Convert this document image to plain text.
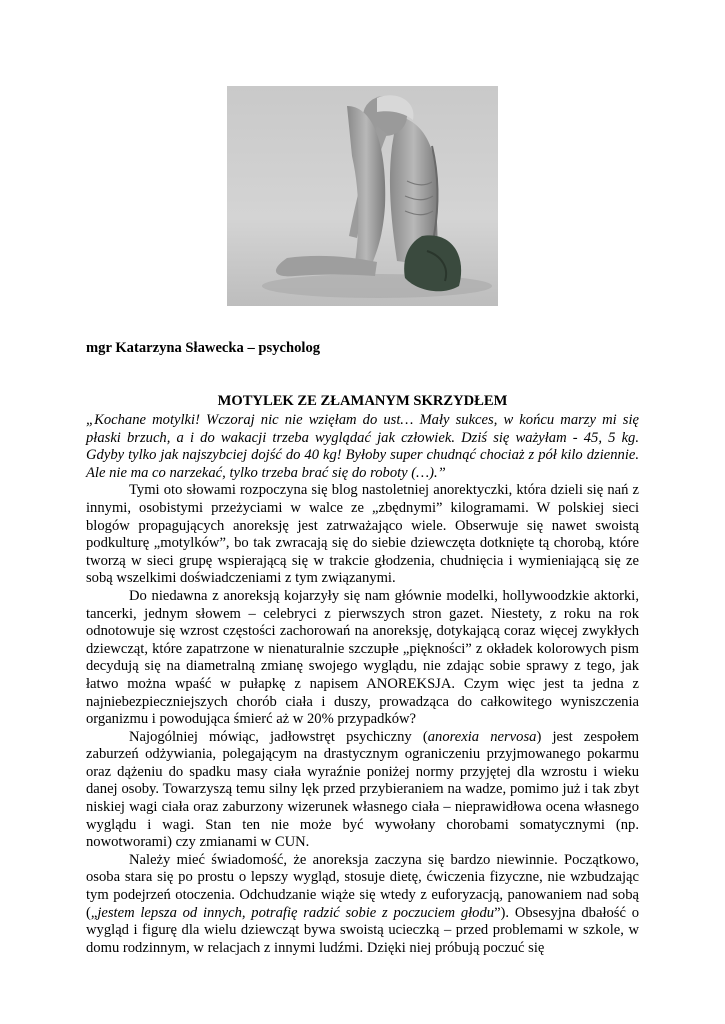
mgr Katarzyna Sławecka – psycholog
MOTYLEK ZE ZŁAMANYM SKRZYDŁEM

„Kochane motylki! Wczoraj nic nie wzięłam do ust… Mały sukces, w końcu marzy mi się płaski brzuch, a i do wakacji trzeba wyglądać jak człowiek. Dziś się ważyłam - 45, 5 kg. Gdyby tylko jak najszybciej dojść do 40 kg! Byłoby super chudnąć chociaż z pół kilo dziennie. Ale nie ma co narzekać, tylko trzeba brać się do roboty (…).”

Tymi oto słowami rozpoczyna się blog nastoletniej anorektyczki, która dzieli się nań z innymi, osobistymi przeżyciami w walce ze „zbędnymi” kilogramami. W polskiej sieci blogów propagujących anoreksję jest zatrważająco wiele. Obserwuje się nawet swoistą podkulturę „motylków”, bo tak zwracają się do siebie dziewczęta dotknięte tą chorobą, które tworzą w sieci grupę wspierającą się w trakcie głodzenia, chudnięcia i wymieniającą się ze sobą wszelkimi doświadczeniami z tym związanymi.

Do niedawna z anoreksją kojarzyły się nam głównie modelki, hollywoodzkie aktorki, tancerki, jednym słowem – celebryci z pierwszych stron gazet. Niestety, z roku na rok odnotowuje się wzrost częstości zachorowań na anoreksję, dotykającą coraz więcej zwykłych dziewcząt, które zapatrzone w nienaturalnie szczupłe „piękności” z okładek kolorowych pism decydują się na diametralną zmianę swojego wyglądu, nie zdając sobie sprawy z tego, jak łatwo można wpaść w pułapkę z napisem ANOREKSJA. Czym więc jest ta jedna z najniebezpieczniejszych chorób ciała i duszy, prowadząca do całkowitego wyniszczenia organizmu i powodująca śmierć aż w 20% przypadków?

Najogólniej mówiąc, jadłowstręt psychiczny (anorexia nervosa) jest zespołem zaburzeń odżywiania, polegającym na drastycznym ograniczeniu przyjmowanego pokarmu oraz dążeniu do spadku masy ciała wyraźnie poniżej normy przyjętej dla wzrostu i wieku danej osoby. Towarzyszą temu silny lęk przed przybieraniem na wadze, pomimo już i tak zbyt niskiej wagi ciała oraz zaburzony wizerunek własnego ciała – nieprawidłowa ocena własnego wyglądu i wagi. Stan ten nie może być wywołany chorobami somatycznymi (np. nowotworami) czy zmianami w CUN.

Należy mieć świadomość, że anoreksja zaczyna się bardzo niewinnie. Początkowo, osoba stara się po prostu o lepszy wygląd, stosuje dietę, ćwiczenia fizyczne, nie wzbudzając tym podejrzeń otoczenia. Odchudzanie wiąże się wtedy z euforyzacją, panowaniem nad sobą („jestem lepsza od innych, potrafię radzić sobie z poczuciem głodu”). Obsesyjna dbałość o wygląd i figurę dla wielu dziewcząt bywa swoistą ucieczką – przed problemami w szkole, w domu rodzinnym, w relacjach z innymi ludźmi. Dzięki niej próbują poczuć się
